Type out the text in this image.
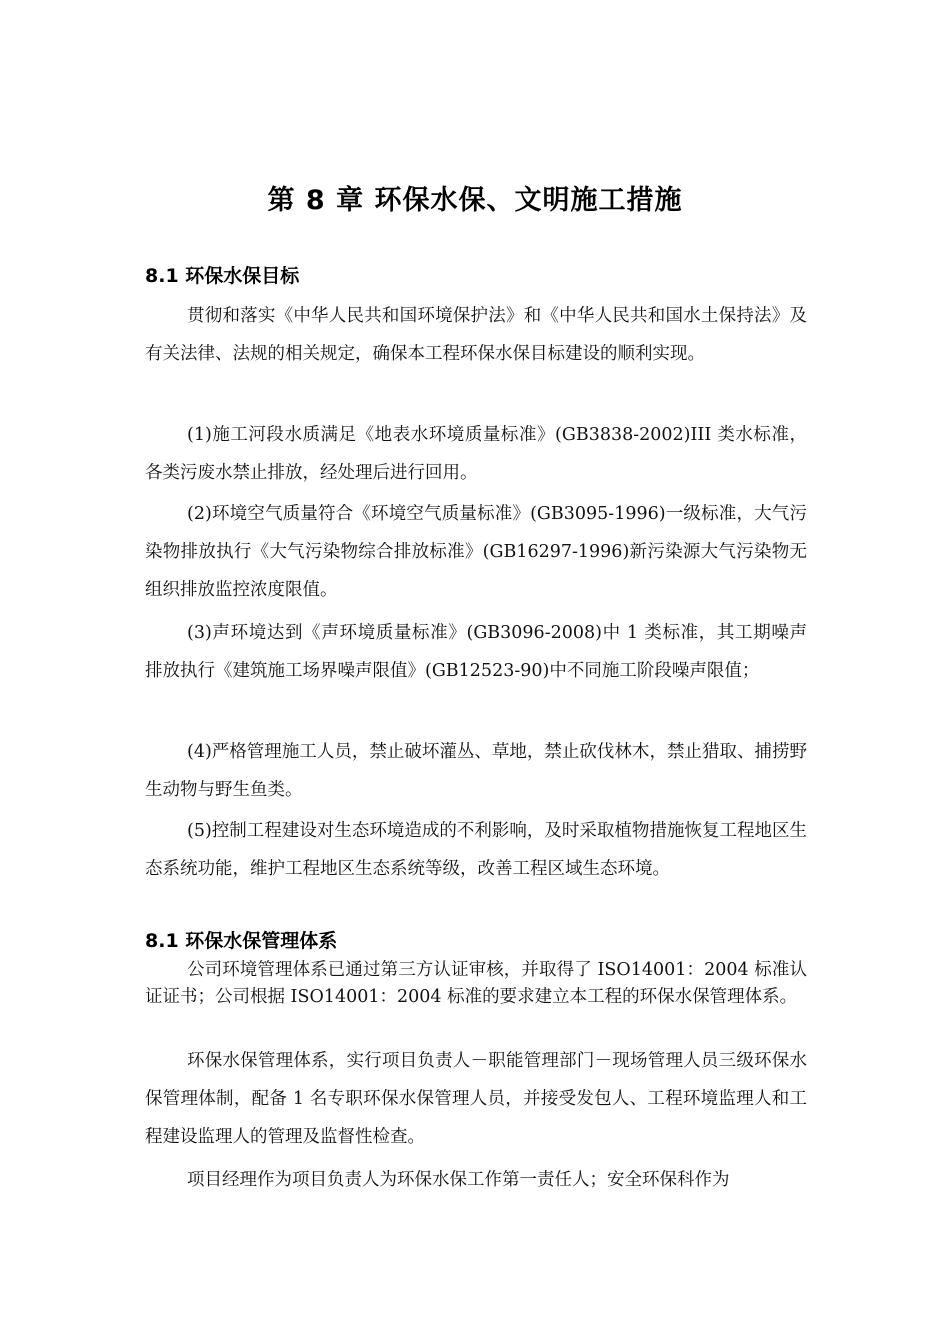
第 8 章 环保水保、文明施工措施
8.1 环保水保目标

贯彻和落实《中华人民共和国环境保护法》和《中华人民共和国水土保持法》及有关法律、法规的相关规定，确保本工程环保水保目标建设的顺利实现。

(1)施工河段水质满足《地表水环境质量标准》(GB3838-2002)III 类水标准，各类污废水禁止排放，经处理后进行回用。

(2)环境空气质量符合《环境空气质量标准》(GB3095-1996)一级标准，大气污染物排放执行《大气污染物综合排放标准》(GB16297-1996)新污染源大气污染物无组织排放监控浓度限值。

(3)声环境达到《声环境质量标准》(GB3096-2008)中 1 类标准，其工期噪声排放执行《建筑施工场界噪声限值》(GB12523-90)中不同施工阶段噪声限值；

(4)严格管理施工人员，禁止破坏灌丛、草地，禁止砍伐林木，禁止猎取、捕捞野生动物与野生鱼类。

(5)控制工程建设对生态环境造成的不利影响，及时采取植物措施恢复工程地区生态系统功能，维护工程地区生态系统等级，改善工程区域生态环境。

8.1 环保水保管理体系

公司环境管理体系已通过第三方认证审核，并取得了 ISO14001：2004 标准认证证书；公司根据 ISO14001：2004 标准的要求建立本工程的环保水保管理体系。

环保水保管理体系，实行项目负责人－职能管理部门－现场管理人员三级环保水保管理体制，配备 1 名专职环保水保管理人员，并接受发包人、工程环境监理人和工程建设监理人的管理及监督性检查。

项目经理作为项目负责人为环保水保工作第一责任人；安全环保科作为
